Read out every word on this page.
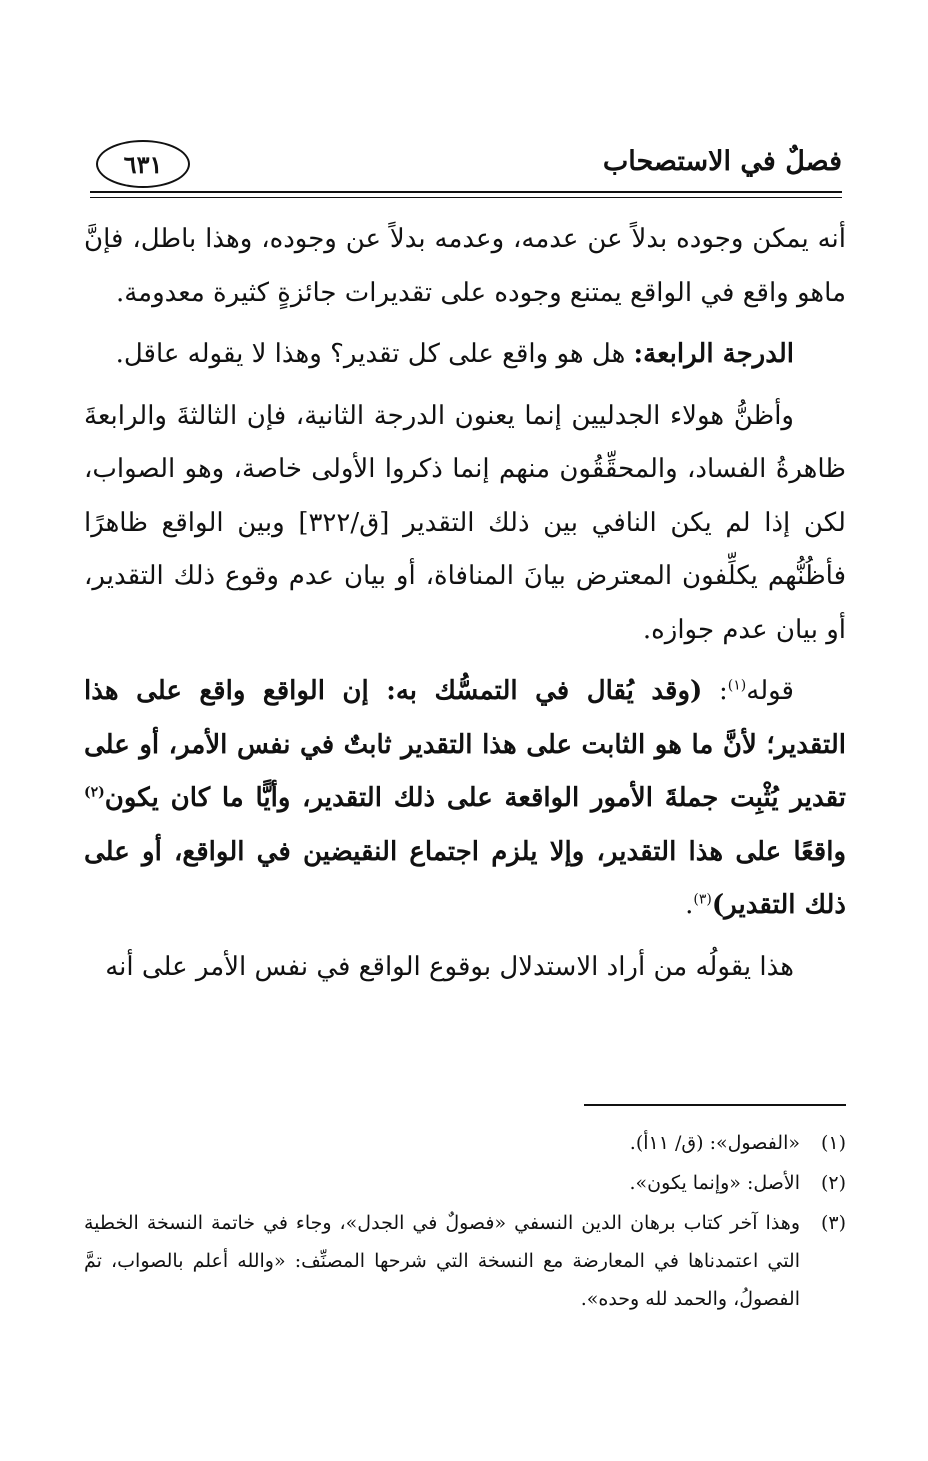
فصلٌ في الاستصحاب
٦٣١

أنه يمكن وجوده بدلاً عن عدمه، وعدمه بدلاً عن وجوده، وهذا باطل، فإنَّ ماهو واقع في الواقع يمتنع وجوده على تقديرات جائزةٍ كثيرة معدومة.

الدرجة الرابعة: هل هو واقع على كل تقدير؟ وهذا لا يقوله عاقل.

وأظنُّ هولاء الجدليين إنما يعنون الدرجة الثانية، فإن الثالثةَ والرابعةَ ظاهرةُ الفساد، والمحقِّقُون منهم إنما ذكروا الأولى خاصة، وهو الصواب، لكن إذا لم يكن النافي بين ذلك التقدير [ق/٣٢٢] وبين الواقع ظاهرًا فأظُنُّهم يكلِّفون المعترض بيانَ المنافاة، أو بيان عدم وقوع ذلك التقدير، أو بيان عدم جوازه.

قوله$^{(١)}$: (وقد يُقال في التمسُّك به: إن الواقع واقع على هذا التقدير؛ لأنَّ ما هو الثابت على هذا التقدير ثابتٌ في نفس الأمر، أو على تقدير يُثْبِت جملةَ الأمور الواقعة على ذلك التقدير، وأيًّا ما كان يكون$^{(٢)}$ واقعًا على هذا التقدير، وإلا يلزم اجتماع النقيضين في الواقع، أو على ذلك التقدير)$^{(٣)}$.

هذا يقولُه من أراد الاستدلال بوقوع الواقع في نفس الأمر على أنه

(١)
«الفصول»: (ق/ ١١أ).
(٢)
الأصل: «وإنما يكون».
(٣)
وهذا آخر كتاب برهان الدين النسفي «فصولٌ في الجدل»، وجاء في خاتمة النسخة الخطية التي اعتمدناها في المعارضة مع النسخة التي شرحها المصنِّف: «والله أعلم بالصواب، تمَّ الفصولُ، والحمد لله وحده».
